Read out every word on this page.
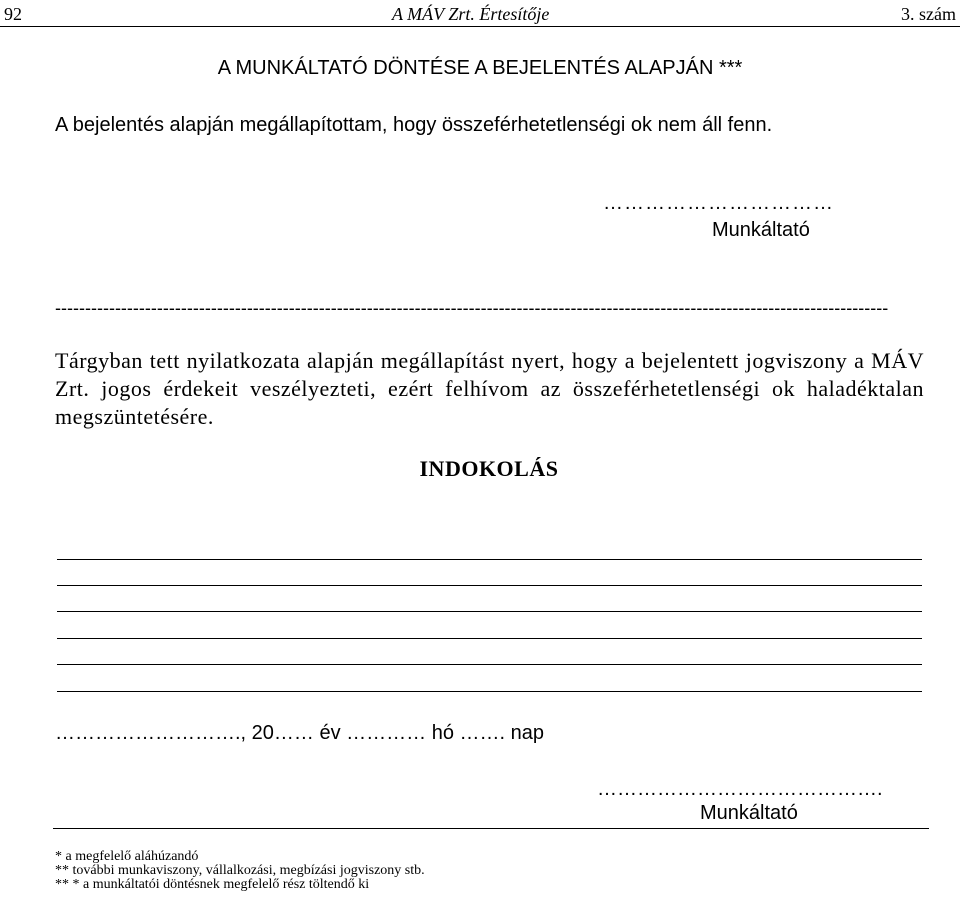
92	A MÁV Zrt. Értesítője	3. szám
A MUNKÁLTATÓ DÖNTÉSE A BEJELENTÉS ALAPJÁN ***
A bejelentés alapján megállapítottam, hogy összeférhetetlenségi ok nem áll fenn.
……………………………
Munkáltató
-------------------------------------------------------------------------------------------------------------------------------------------
Tárgyban tett nyilatkozata alapján megállapítást nyert, hogy a bejelentett jogviszony a MÁV Zrt. jogos érdekeit veszélyezteti, ezért felhívom az összeférhetetlenségi ok haladéktalan megszüntetésére.
INDOKOLÁS
………………………., 20…… év ………… hó ……. nap
…………………………………….
Munkáltató
* a megfelelő aláhúzandó
** további munkaviszony, vállalkozási, megbízási jogviszony stb.
** * a munkáltatói döntésnek megfelelő rész töltendő ki
